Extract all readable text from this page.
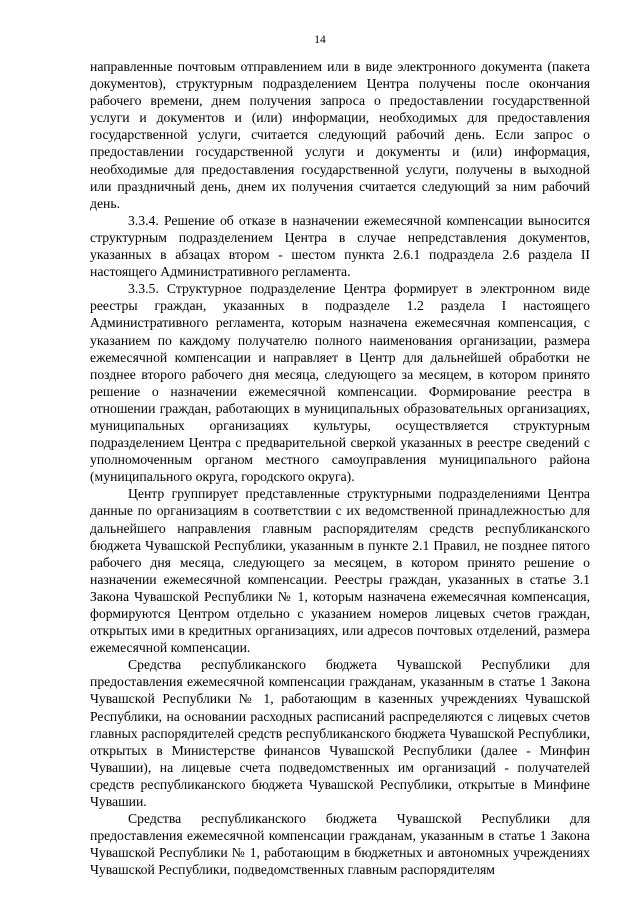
14

направленные почтовым отправлением или в виде электронного документа (пакета документов), структурным подразделением Центра получены после окончания рабочего времени, днем получения запроса о предоставлении государственной услуги и документов и (или) информации, необходимых для предоставления государственной услуги, считается следующий рабочий день. Если запрос о предоставлении государственной услуги и документы и (или) информация, необходимые для предоставления государственной услуги, получены в выходной или праздничный день, днем их получения считается следующий за ним рабочий день.

3.3.4. Решение об отказе в назначении ежемесячной компенсации выносится структурным подразделением Центра в случае непредставления документов, указанных в абзацах втором - шестом пункта 2.6.1 подраздела 2.6 раздела II настоящего Административного регламента.

3.3.5. Структурное подразделение Центра формирует в электронном виде реестры граждан, указанных в подразделе 1.2 раздела I настоящего Административного регламента, которым назначена ежемесячная компенсация, с указанием по каждому получателю полного наименования организации, размера ежемесячной компенсации и направляет в Центр для дальнейшей обработки не позднее второго рабочего дня месяца, следующего за месяцем, в котором принято решение о назначении ежемесячной компенсации. Формирование реестра в отношении граждан, работающих в муниципальных образовательных организациях, муниципальных организациях культуры, осуществляется структурным подразделением Центра с предварительной сверкой указанных в реестре сведений с уполномоченным органом местного самоуправления муниципального района (муниципального округа, городского округа).

Центр группирует представленные структурными подразделениями Центра данные по организациям в соответствии с их ведомственной принадлежностью для дальнейшего направления главным распорядителям средств республиканского бюджета Чувашской Республики, указанным в пункте 2.1 Правил, не позднее пятого рабочего дня месяца, следующего за месяцем, в котором принято решение о назначении ежемесячной компенсации. Реестры граждан, указанных в статье 3.1 Закона Чувашской Республики № 1, которым назначена ежемесячная компенсация, формируются Центром отдельно с указанием номеров лицевых счетов граждан, открытых ими в кредитных организациях, или адресов почтовых отделений, размера ежемесячной компенсации.

Средства республиканского бюджета Чувашской Республики для предоставления ежемесячной компенсации гражданам, указанным в статье 1 Закона Чувашской Республики № 1, работающим в казенных учреждениях Чувашской Республики, на основании расходных расписаний распределяются с лицевых счетов главных распорядителей средств республиканского бюджета Чувашской Республики, открытых в Министерстве финансов Чувашской Республики (далее - Минфин Чувашии), на лицевые счета подведомственных им организаций - получателей средств республиканского бюджета Чувашской Республики, открытые в Минфине Чувашии.

Средства республиканского бюджета Чувашской Республики для предоставления ежемесячной компенсации гражданам, указанным в статье 1 Закона Чувашской Республики № 1, работающим в бюджетных и автономных учреждениях Чувашской Республики, подведомственных главным распорядителям
